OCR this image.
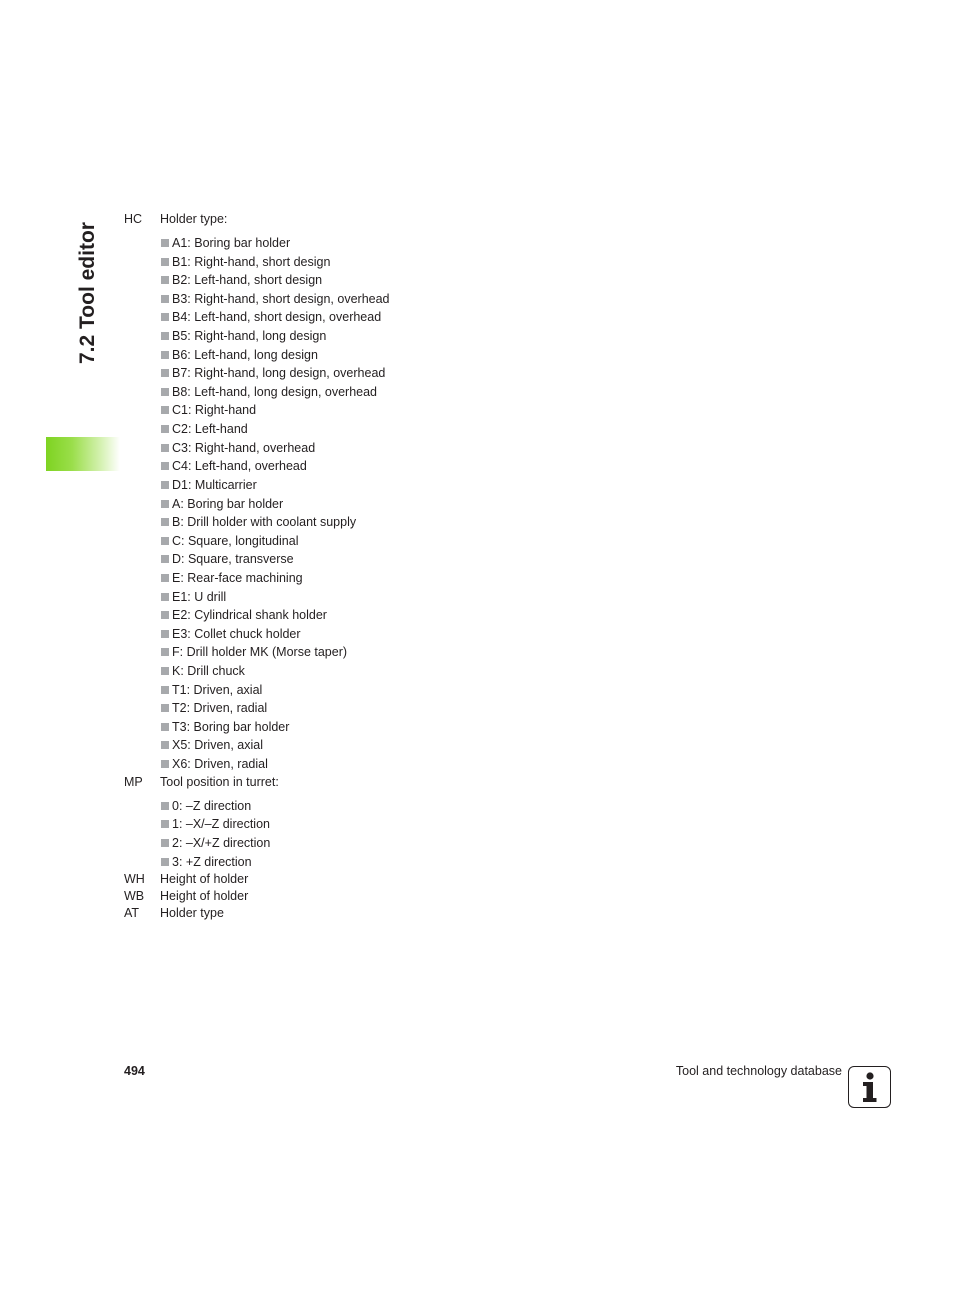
7.2 Tool editor
HC	Holder type:
A1: Boring bar holder
B1: Right-hand, short design
B2: Left-hand, short design
B3: Right-hand, short design, overhead
B4: Left-hand, short design, overhead
B5: Right-hand, long design
B6: Left-hand, long design
B7: Right-hand, long design, overhead
B8: Left-hand, long design, overhead
C1: Right-hand
C2: Left-hand
C3: Right-hand, overhead
C4: Left-hand, overhead
D1: Multicarrier
A: Boring bar holder
B: Drill holder with coolant supply
C: Square, longitudinal
D: Square, transverse
E: Rear-face machining
E1: U drill
E2: Cylindrical shank holder
E3: Collet chuck holder
F: Drill holder MK (Morse taper)
K: Drill chuck
T1: Driven, axial
T2: Driven, radial
T3: Boring bar holder
X5: Driven, axial
X6: Driven, radial
MP	Tool position in turret:
0: –Z direction
1: –X/–Z direction
2: –X/+Z direction
3: +Z direction
WH	Height of holder
WB	Height of holder
AT	Holder type
494	Tool and technology database
